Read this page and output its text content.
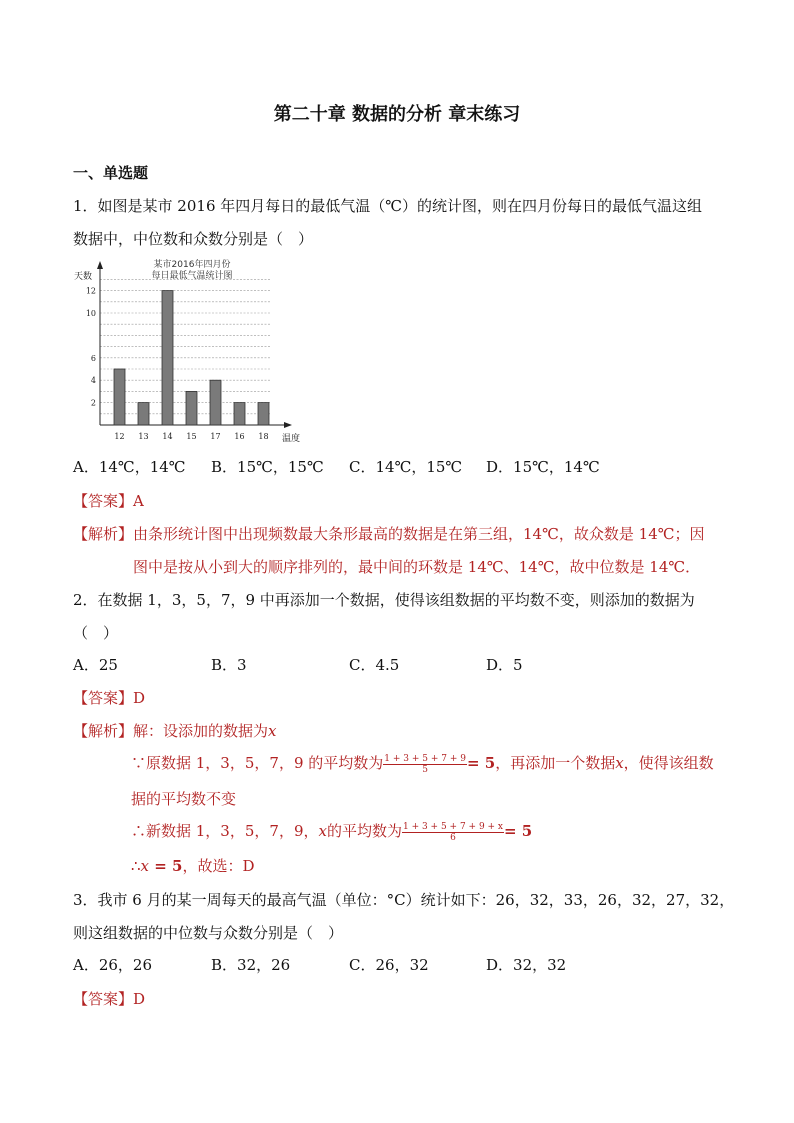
第二十章 数据的分析 章末练习
一、单选题
1．如图是某市 2016 年四月每日的最低气温（℃）的统计图，则在四月份每日的最低气温这组
数据中，中位数和众数分别是（　）
2
4
6
10
12
12 13 14 15 17 16 18
天数
温度
某市2016年四月份
每日最低气温统计图
A．14℃，14℃ B．15℃，15℃ C．14℃，15℃ D．15℃，14℃
【答案】A
【解析】由条形统计图中出现频数最大条形最高的数据是在第三组，14℃，故众数是 14℃；因
图中是按从小到大的顺序排列的，最中间的环数是 14℃、14℃，故中位数是 14℃．
2．在数据 1，3，5，7，9 中再添加一个数据，使得该组数据的平均数不变，则添加的数据为
（　）
A．25	B．3	C．4.5	D．5
【答案】D
【解析】解：设添加的数据为x
∵原数据 1，3，5，7，9 的平均数为 $\frac{1 + 3 + 5 + 7 + 9}{5} = 5$，再添加一个数据x，使得该组数
据的平均数不变
∴新数据 1，3，5，7，9，x的平均数为 $\frac{1 + 3 + 5 + 7 + 9 + x}{6} = 5$
∴x = 5，故选：D
3．我市 6 月的某一周每天的最高气温（单位：°C）统计如下：26，32，33，26，32，27，32，
则这组数据的中位数与众数分别是（　）
A．26，26	B．32，26	C．26，32	D．32，32
【答案】D
